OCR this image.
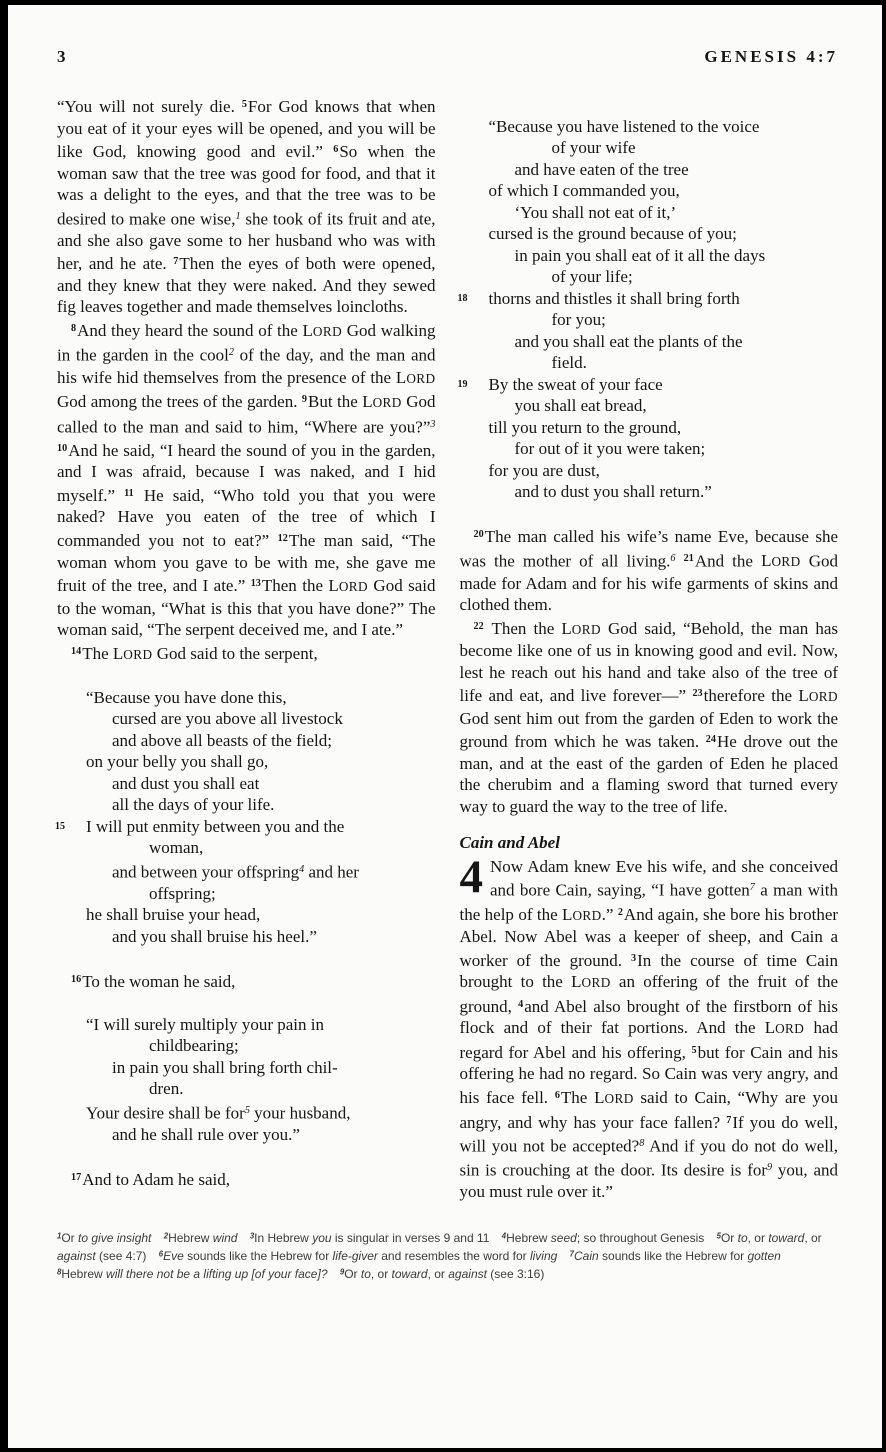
3	GENESIS 4:7

“You will not surely die. $^5$For God knows that when you eat of it your eyes will be opened, and you will be like God, knowing good and evil.” $^6$So when the woman saw that the tree was good for food, and that it was a delight to the eyes, and that the tree was to be desired to make one wise,$^1$ she took of its fruit and ate, and she also gave some to her husband who was with her, and he ate. $^7$Then the eyes of both were opened, and they knew that they were naked. And they sewed fig leaves together and made themselves loincloths.

$^8$And they heard the sound of the LORD God walking in the garden in the cool$^2$ of the day, and the man and his wife hid themselves from the presence of the LORD God among the trees of the garden. $^9$But the LORD God called to the man and said to him, “Where are you?”$^3$ $^{10}$And he said, “I heard the sound of you in the garden, and I was afraid, because I was naked, and I hid myself.” $^{11}$ He said, “Who told you that you were naked? Have you eaten of the tree of which I commanded you not to eat?” $^{12}$The man said, “The woman whom you gave to be with me, she gave me fruit of the tree, and I ate.” $^{13}$Then the LORD God said to the woman, “What is this that you have done?” The woman said, “The serpent deceived me, and I ate.”

$^{14}$The LORD God said to the serpent,

“Because you have done this,
cursed are you above all livestock
and above all beasts of the field;
on your belly you shall go,
and dust you shall eat
all the days of your life.
15 I will put enmity between you and the
woman,
and between your offspring$^4$ and her
offspring;
he shall bruise your head,
and you shall bruise his heel.”

$^{16}$To the woman he said,

“I will surely multiply your pain in
childbearing;
in pain you shall bring forth chil-
dren.
Your desire shall be for$^5$ your husband,
and he shall rule over you.”

$^{17}$And to Adam he said,

“Because you have listened to the voice
of your wife
and have eaten of the tree
of which I commanded you,
‘You shall not eat of it,’
cursed is the ground because of you;
in pain you shall eat of it all the days
of your life;
18 thorns and thistles it shall bring forth
for you;
and you shall eat the plants of the
field.
19 By the sweat of your face
you shall eat bread,
till you return to the ground,
for out of it you were taken;
for you are dust,
and to dust you shall return.”

$^{20}$The man called his wife’s name Eve, because she was the mother of all living.$^6$ $^{21}$And the LORD God made for Adam and for his wife garments of skins and clothed them.

$^{22}$ Then the LORD God said, “Behold, the man has become like one of us in knowing good and evil. Now, lest he reach out his hand and take also of the tree of life and eat, and live forever—” $^{23}$therefore the LORD God sent him out from the garden of Eden to work the ground from which he was taken. $^{24}$He drove out the man, and at the east of the garden of Eden he placed the cherubim and a flaming sword that turned every way to guard the way to the tree of life.

Cain and Abel

4 Now Adam knew Eve his wife, and she conceived and bore Cain, saying, “I have gotten$^7$ a man with the help of the LORD.” $^2$And again, she bore his brother Abel. Now Abel was a keeper of sheep, and Cain a worker of the ground. $^3$In the course of time Cain brought to the LORD an offering of the fruit of the ground, $^4$and Abel also brought of the firstborn of his flock and of their fat portions. And the LORD had regard for Abel and his offering, $^5$but for Cain and his offering he had no regard. So Cain was very angry, and his face fell. $^6$The LORD said to Cain, “Why are you angry, and why has your face fallen? $^7$If you do well, will you not be accepted?$^8$ And if you do not do well, sin is crouching at the door. Its desire is for$^9$ you, and you must rule over it.”

$^1$Or to give insight $^2$Hebrew wind $^3$In Hebrew you is singular in verses 9 and 11 $^4$Hebrew seed; so throughout Genesis $^5$Or to, or toward, or against (see 4:7) $^6$Eve sounds like the Hebrew for life-giver and resembles the word for living $^7$Cain sounds like the Hebrew for gotten $^8$Hebrew will there not be a lifting up [of your face]? $^9$Or to, or toward, or against (see 3:16)
